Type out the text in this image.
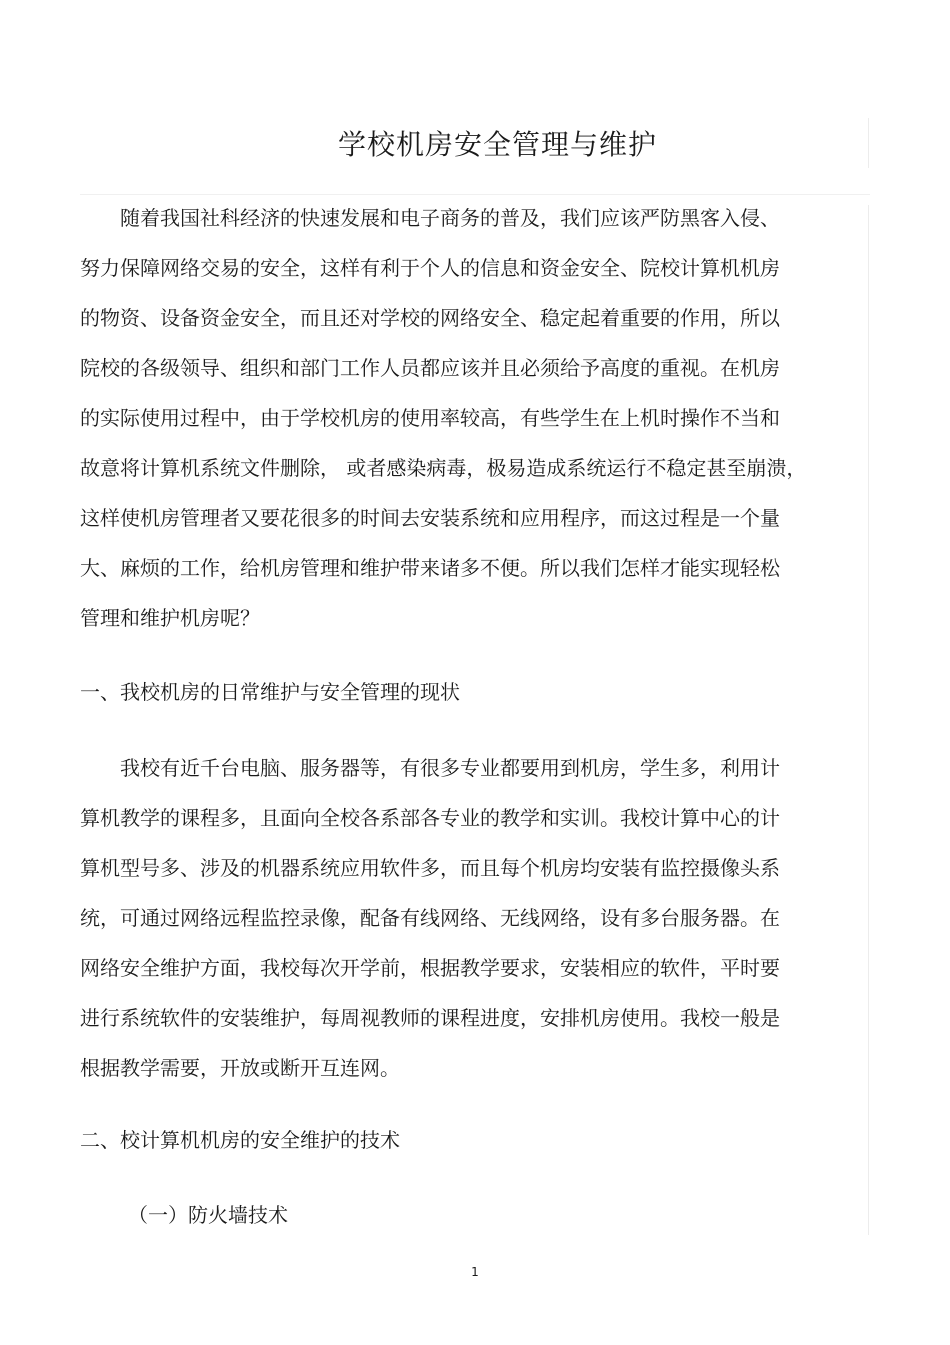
学校机房安全管理与维护
随着我国社科经济的快速发展和电子商务的普及，我们应该严防黑客入侵、
努力保障网络交易的安全，这样有利于个人的信息和资金安全、院校计算机机房
的物资、设备资金安全，而且还对学校的网络安全、稳定起着重要的作用，所以
院校的各级领导、组织和部门工作人员都应该并且必须给予高度的重视。在机房
的实际使用过程中，由于学校机房的使用率较高，有些学生在上机时操作不当和
故意将计算机系统文件删除， 或者感染病毒，极易造成系统运行不稳定甚至崩溃，
这样使机房管理者又要花很多的时间去安装系统和应用程序，而这过程是一个量
大、麻烦的工作，给机房管理和维护带来诸多不便。所以我们怎样才能实现轻松
管理和维护机房呢？
一、我校机房的日常维护与安全管理的现状
我校有近千台电脑、服务器等，有很多专业都要用到机房，学生多，利用计
算机教学的课程多，且面向全校各系部各专业的教学和实训。我校计算中心的计
算机型号多、涉及的机器系统应用软件多，而且每个机房均安装有监控摄像头系
统，可通过网络远程监控录像，配备有线网络、无线网络，设有多台服务器。在
网络安全维护方面，我校每次开学前，根据教学要求，安装相应的软件，平时要
进行系统软件的安装维护，每周视教师的课程进度，安排机房使用。我校一般是
根据教学需要，开放或断开互连网。
二、校计算机机房的安全维护的技术
（一）防火墙技术
1
